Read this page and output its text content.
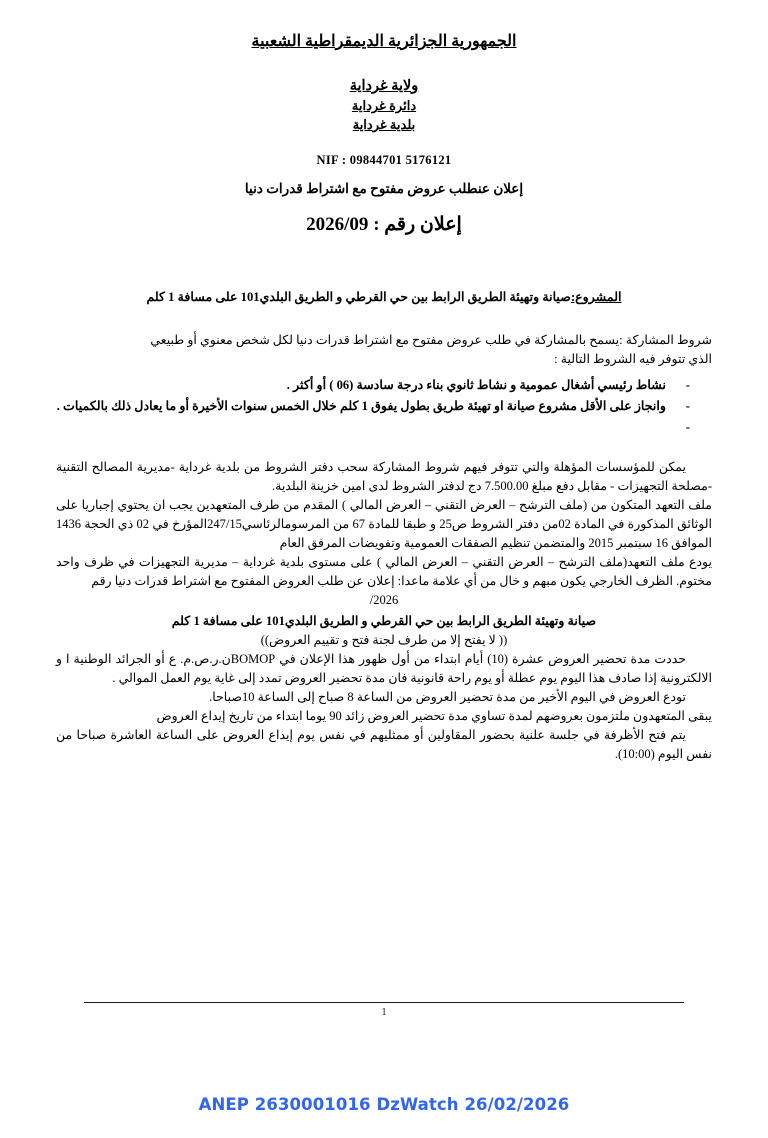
الجمهورية الجزائرية الديمقراطية الشعبية

ولاية غرداية

دائرة غرداية

بلدية غرداية

NIF : 09844701 5176121

إعلان عنطلب عروض مفتوح مع اشتراط قدرات دنيا

إعلان رقم : 2026/09

المشروع:صيانة وتهيئة الطريق الرابط بين حي القرطي و الطريق البلدي101 على مسافة 1 كلم

شروط المشاركة :يسمح بالمشاركة في طلب عروض مفتوح مع اشتراط قدرات دنيا لكل شخص معنوي أو طبيعي

الذي تتوفر فيه الشروط التالية :

- نشاط رئيسي أشغال عمومية و نشاط ثانوي بناء درجة سادسة (06 ) أو أكثر .
- وانجاز على الأقل مشروع صيانة او تهيئة طريق بطول يفوق 1 كلم خلال الخمس سنوات الأخيرة أو ما يعادل ذلك بالكميات .
-

يمكن للمؤسسات المؤهلة والتي تتوفر فيهم شروط المشاركة سحب دفتر الشروط من بلدية غرداية -مديرية المصالح التقنية -مصلحة التجهيزات - مقابل دفع مبلغ 7.500.00 دج لدفتر الشروط لدى امين خزينة البلدية.

ملف التعهد المتكون من (ملف الترشح – العرض التقني – العرض المالي ) المقدم من طرف المتعهدين يجب ان يحتوي إجباريا على الوثائق المذكورة في المادة 02من دفتر الشروط ص25 و طبقا للمادة 67 من المرسومالرئاسي247/15المؤرخ في 02 ذي الحجة 1436 الموافق 16 سبتمبر 2015 والمتضمن تنظيم الصفقات العمومية وتفويضات المرفق العام

يودع ملف التعهد(ملف الترشح – العرض التقني – العرض المالي ) على مستوى بلدية غرداية – مديرية التجهيزات في ظرف واحد مختوم. الظرف الخارجي يكون مبهم و خال من أي علامة ماعدا: إعلان عن طلب العروض المفتوح مع اشتراط قدرات دنيا رقم

2026/

صيانة وتهيئة الطريق الرابط بين حي القرطي و الطريق البلدي101 على مسافة 1 كلم

(( لا يفتح إلا من طرف لجنة فتح و تقييم العروض))

حددت مدة تحضير العروض عشرة (10) أيام ابتداء من أول ظهور هذا الإعلان في BOMOPن.ر.ص.م. ع أو الجرائد الوطنية ا و الالكترونية إذا صادف هذا اليوم يوم عطلة أو يوم راحة قانونية فان مدة تحضير العروض تمدد إلى غاية يوم العمل الموالي .

تودع العروض في اليوم الأخير من مدة تحضير العروض من الساعة 8 صباح إلى الساعة 10صباحا.

يبقى المتعهدون ملتزمون بعروضهم لمدة تساوي مدة تحضير العروض زائد 90 يوما ابتداء من تاريخ إيداع العروض

يتم فتح الأظرفة في جلسة علنية بحضور المقاولين أو ممثليهم في نفس يوم إيداع العروض على الساعة العاشرة صباحا من نفس اليوم (10:00).

1
ANEP 2630001016 DzWatch 26/02/2026
